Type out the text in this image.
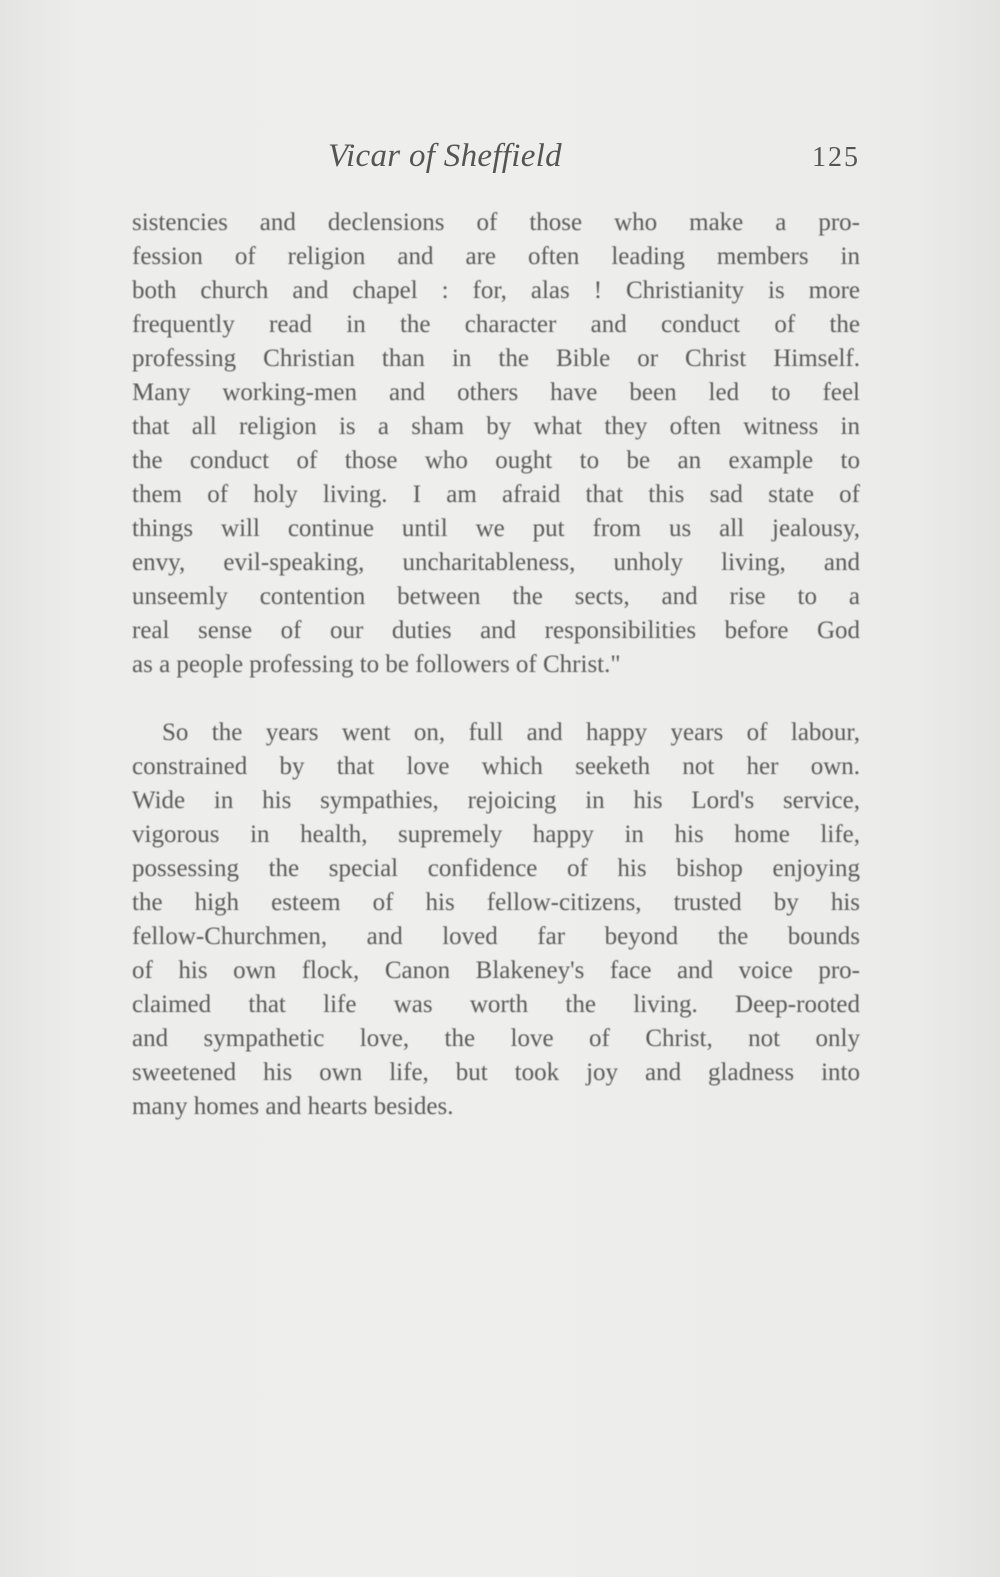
Vicar of Sheffield	125

sistencies and declensions of those who make a pro-
fession of religion and are often leading members in
both church and chapel : for, alas ! Christianity is more
frequently read in the character and conduct of the
professing Christian than in the Bible or Christ Himself.
Many working-men and others have been led to feel
that all religion is a sham by what they often witness in
the conduct of those who ought to be an example to
them of holy living. I am afraid that this sad state of
things will continue until we put from us all jealousy,
envy, evil-speaking, uncharitableness, unholy living, and
unseemly contention between the sects, and rise to a
real sense of our duties and responsibilities before God
as a people professing to be followers of Christ."

So the years went on, full and happy years of labour,
constrained by that love which seeketh not her own.
Wide in his sympathies, rejoicing in his Lord's service,
vigorous in health, supremely happy in his home life,
possessing the special confidence of his bishop enjoying
the high esteem of his fellow-citizens, trusted by his
fellow-Churchmen, and loved far beyond the bounds
of his own flock, Canon Blakeney's face and voice pro-
claimed that life was worth the living. Deep-rooted
and sympathetic love, the love of Christ, not only
sweetened his own life, but took joy and gladness into
many homes and hearts besides.
